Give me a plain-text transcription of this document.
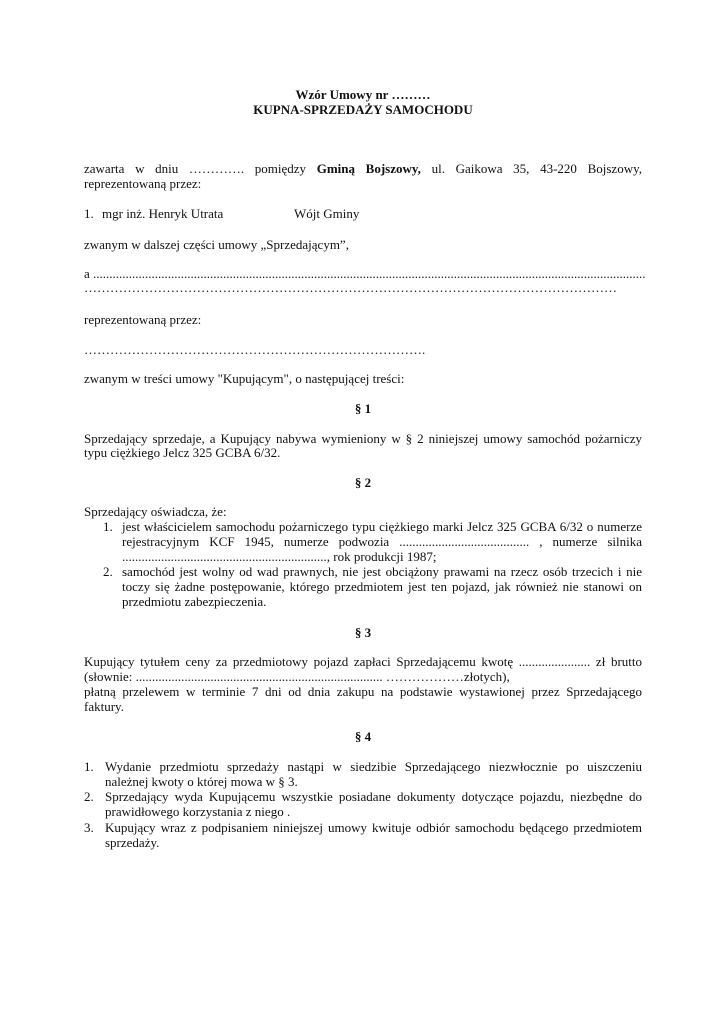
Wzór Umowy nr ………
KUPNA-SPRZEDAŻY SAMOCHODU
zawarta w dniu …………. pomiędzy Gminą Bojszowy, ul. Gaikowa 35, 43-220 Bojszowy,
reprezentowaną przez:
1. mgr inż. Henryk Utrata	Wójt Gminy
zwanym w dalszej części umowy „Sprzedającym”,
a ..........................................................................................................................................................................
……………………………………………………………………………………………………………
reprezentowaną przez:
…………………………………………………………………….
zwanym w treści umowy "Kupującym", o następującej treści:
§ 1
Sprzedający sprzedaje, a Kupujący nabywa wymieniony w § 2 niniejszej umowy samochód pożarniczy
typu ciężkiego Jelcz 325 GCBA 6/32.
§ 2
Sprzedający oświadcza, że:
1. jest właścicielem samochodu pożarniczego typu ciężkiego marki Jelcz 325 GCBA 6/32 o numerze
rejestracyjnym KCF 1945, numerze podwozia ........................................ , numerze silnika
..............................................................., rok produkcji 1987;
2. samochód jest wolny od wad prawnych, nie jest obciążony prawami na rzecz osób trzecich i nie
toczy się żadne postępowanie, którego przedmiotem jest ten pojazd, jak również nie stanowi on
przedmiotu zabezpieczenia.
§ 3
Kupujący tytułem ceny za przedmiotowy pojazd zapłaci Sprzedającemu kwotę ...................... zł brutto
(słownie: ............................................................................ ………………złotych),
płatną przelewem w terminie 7 dni od dnia zakupu na podstawie wystawionej przez Sprzedającego
faktury.
§ 4
1. Wydanie przedmiotu sprzedaży nastąpi w siedzibie Sprzedającego niezwłocznie po uiszczeniu
należnej kwoty o której mowa w § 3.
2. Sprzedający wyda Kupującemu wszystkie posiadane dokumenty dotyczące pojazdu, niezbędne do
prawidłowego korzystania z niego .
3. Kupujący wraz z podpisaniem niniejszej umowy kwituje odbiór samochodu będącego przedmiotem
sprzedaży.
